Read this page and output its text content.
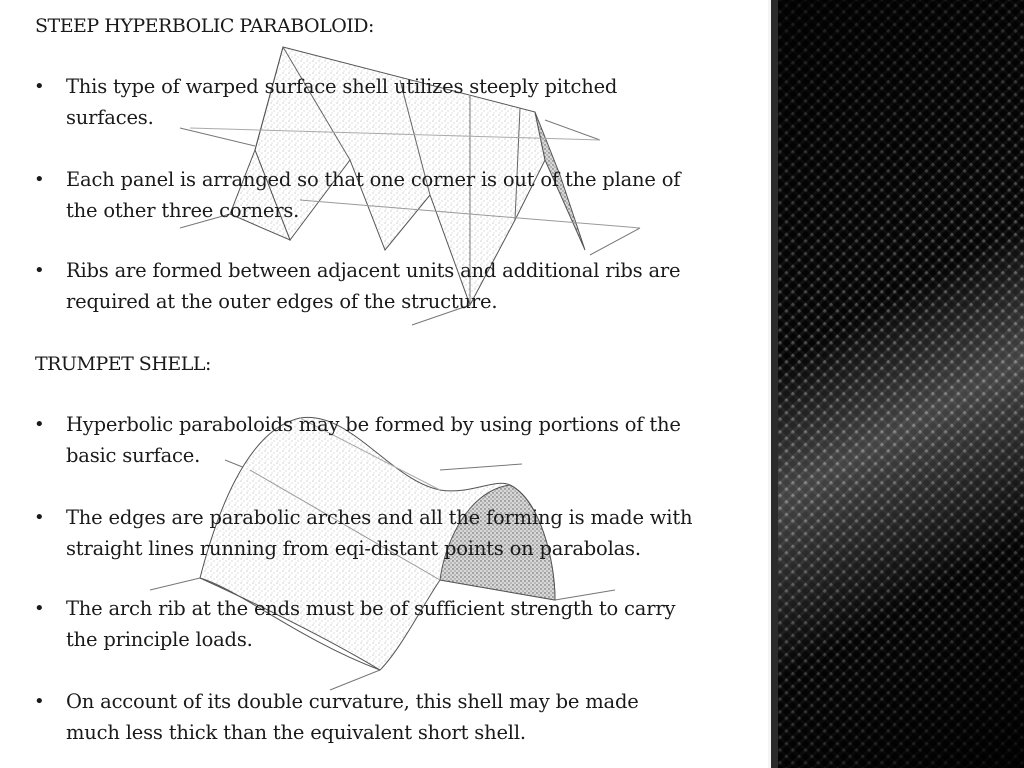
STEEP HYPERBOLIC PARABOLOID:

• This type of warped surface shell utilizes steeply pitched
surfaces.
• Each panel is arranged so that one corner is out of the plane of
the other three corners.
• Ribs are formed between adjacent units and additional ribs are
required at the outer edges of the structure.

TRUMPET SHELL:

• Hyperbolic paraboloids may be formed by using portions of the
basic surface.
• The edges are parabolic arches and all the forming is made with
straight lines running from eqi-distant points on parabolas.
• The arch rib at the ends must be of sufficient strength to carry
the principle loads.
• On account of its double curvature, this shell may be made
much less thick than the equivalent short shell.
